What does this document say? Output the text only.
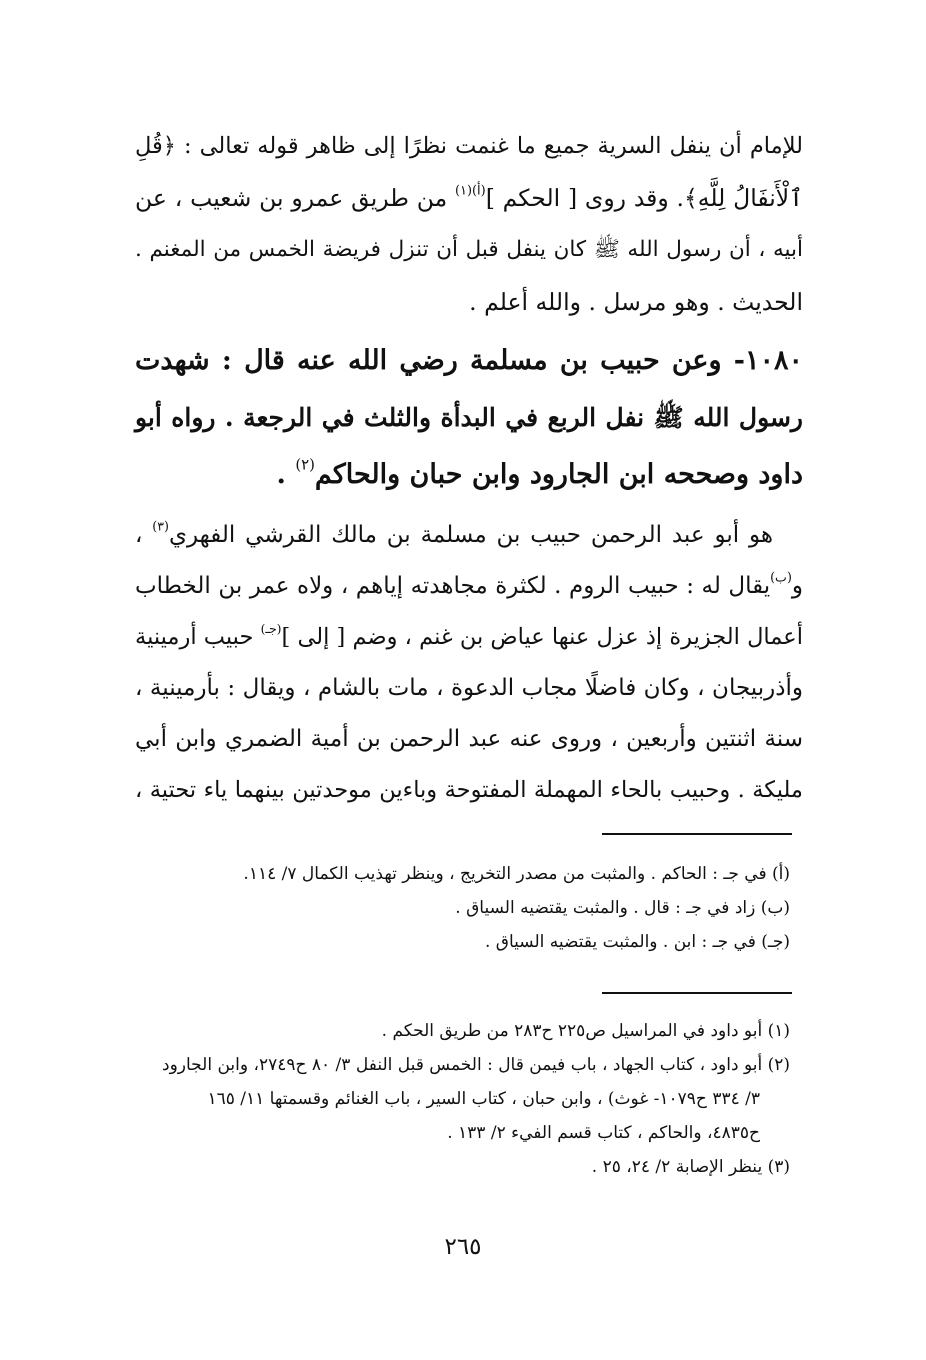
للإمام أن ينفل السرية جميع ما غنمت نظرًا إلى ظاهر قوله تعالى : ﴿قُلِ
ٱلْأَنفَالُ لِلَّهِ﴾. وقد روى [ الحكم ]$^{(أ)(١)}$ من طريق عمرو بن شعيب ، عن
أبيه ، أن رسول الله ﷺ كان ينفل قبل أن تنزل فريضة الخمس من المغنم .
الحديث . وهو مرسل . والله أعلم .
١٠٨٠- وعن حبيب بن مسلمة رضي الله عنه قال : شهدت
رسول الله ﷺ نفل الربع في البدأة والثلث في الرجعة . رواه أبو
داود وصححه ابن الجارود وابن حبان والحاكم$^{(٢)}$ .
هو أبو عبد الرحمن حبيب بن مسلمة بن مالك القرشي الفهري$^{(٣)}$ ،
و$^{(ب)}$يقال له : حبيب الروم . لكثرة مجاهدته إياهم ، ولاه عمر بن الخطاب
أعمال الجزيرة إذ عزل عنها عياض بن غنم ، وضم [ إلى ]$^{(جـ)}$ حبيب أرمينية
وأذربيجان ، وكان فاضلًا مجاب الدعوة ، مات بالشام ، ويقال : بأرمينية ،
سنة اثنتين وأربعين ، وروى عنه عبد الرحمن بن أمية الضمري وابن أبي
مليكة . وحبيب بالحاء المهملة المفتوحة وباءين موحدتين بينهما ياء تحتية ،
(أ) في جـ : الحاكم . والمثبت من مصدر التخريج ، وينظر تهذيب الكمال ٧/ ١١٤.
(ب) زاد في جـ : قال . والمثبت يقتضيه السياق .
(جـ) في جـ : ابن . والمثبت يقتضيه السياق .
(١) أبو داود في المراسيل ص٢٢٥ ح٢٨٣ من طريق الحكم .
(٢) أبو داود ، كتاب الجهاد ، باب فيمن قال : الخمس قبل النفل ٣/ ٨٠ ح٢٧٤٩، وابن الجارود
٣/ ٣٣٤ ح١٠٧٩- غوث) ، وابن حبان ، كتاب السير ، باب الغنائم وقسمتها ١١/ ١٦٥
ح٤٨٣٥، والحاكم ، كتاب قسم الفيء ٢/ ١٣٣ .
(٣) ينظر الإصابة ٢/ ٢٤، ٢٥ .
٢٦٥
